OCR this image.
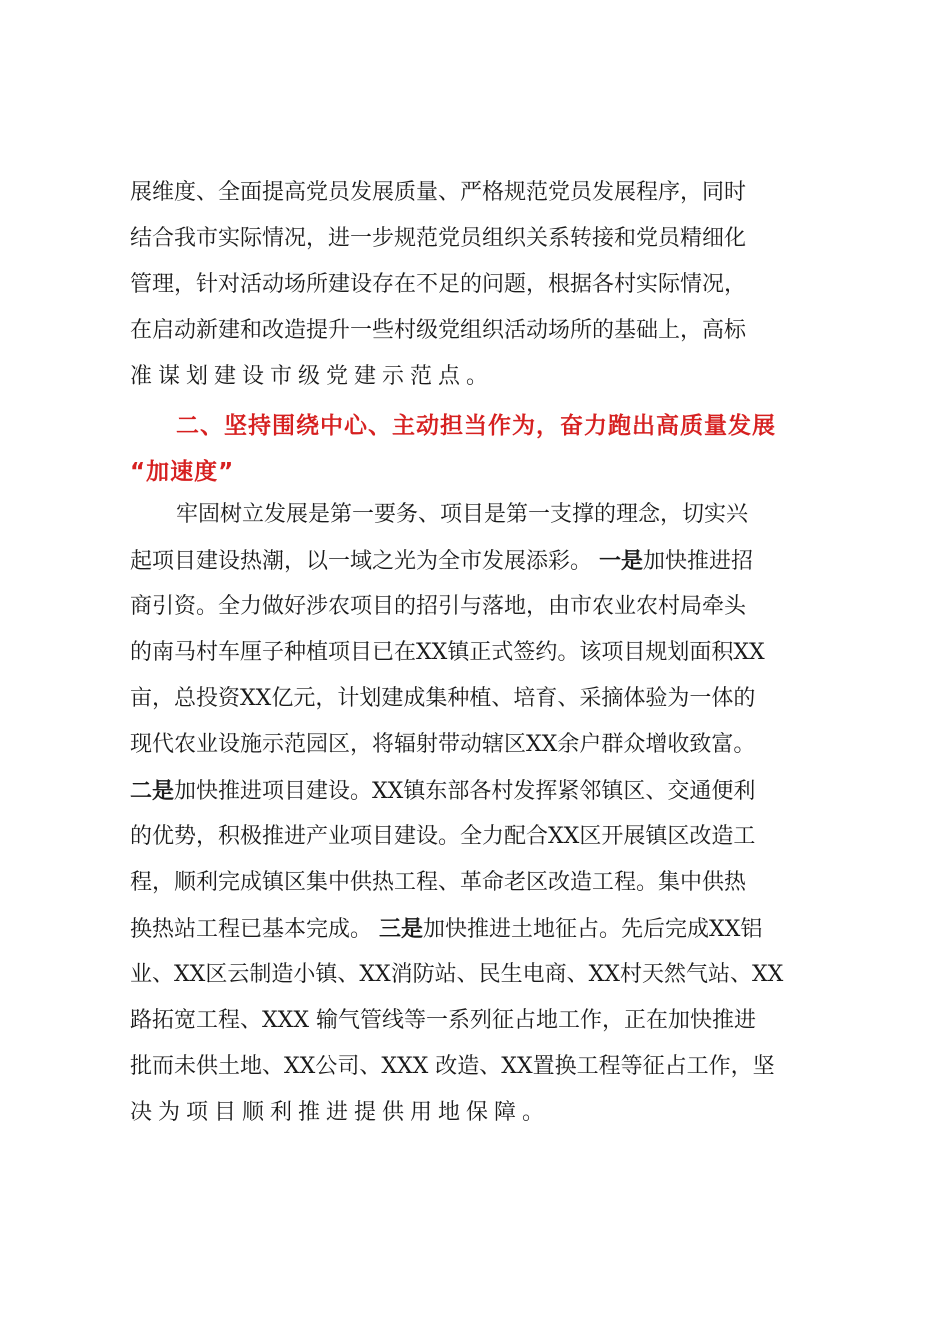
展维度、全面提高党员发展质量、严格规范党员发展程序，同时
结合我市实际情况，进一步规范党员组织关系转接和党员精细化
管理，针对活动场所建设存在不足的问题，根据各村实际情况，
在启动新建和改造提升一些村级党组织活动场所的基础上，高标
准谋划建设市级党建示范点。
二、坚持围绕中心、主动担当作为，奋力跑出高质量发展
“加速度”
牢固树立发展是第一要务、项目是第一支撑的理念，切实兴
起项目建设热潮，以一域之光为全市发展添彩。 一是加快推进招
商引资。全力做好涉农项目的招引与落地，由市农业农村局牵头
的南马村车厘子种植项目已在XX镇正式签约。该项目规划面积XX
亩，总投资XX亿元，计划建成集种植、培育、采摘体验为一体的
现代农业设施示范园区，将辐射带动辖区XX余户群众增收致富。
二是加快推进项目建设。XX镇东部各村发挥紧邻镇区、交通便利
的优势，积极推进产业项目建设。全力配合XX区开展镇区改造工
程，顺利完成镇区集中供热工程、革命老区改造工程。集中供热
换热站工程已基本完成。 三是加快推进土地征占。先后完成XX铝
业、XX区云制造小镇、XX消防站、民生电商、XX村天然气站、XX
路拓宽工程、XXX 输气管线等一系列征占地工作，正在加快推进
批而未供土地、XX公司、XXX 改造、XX置换工程等征占工作，坚
决为项目顺利推进提供用地保障。
